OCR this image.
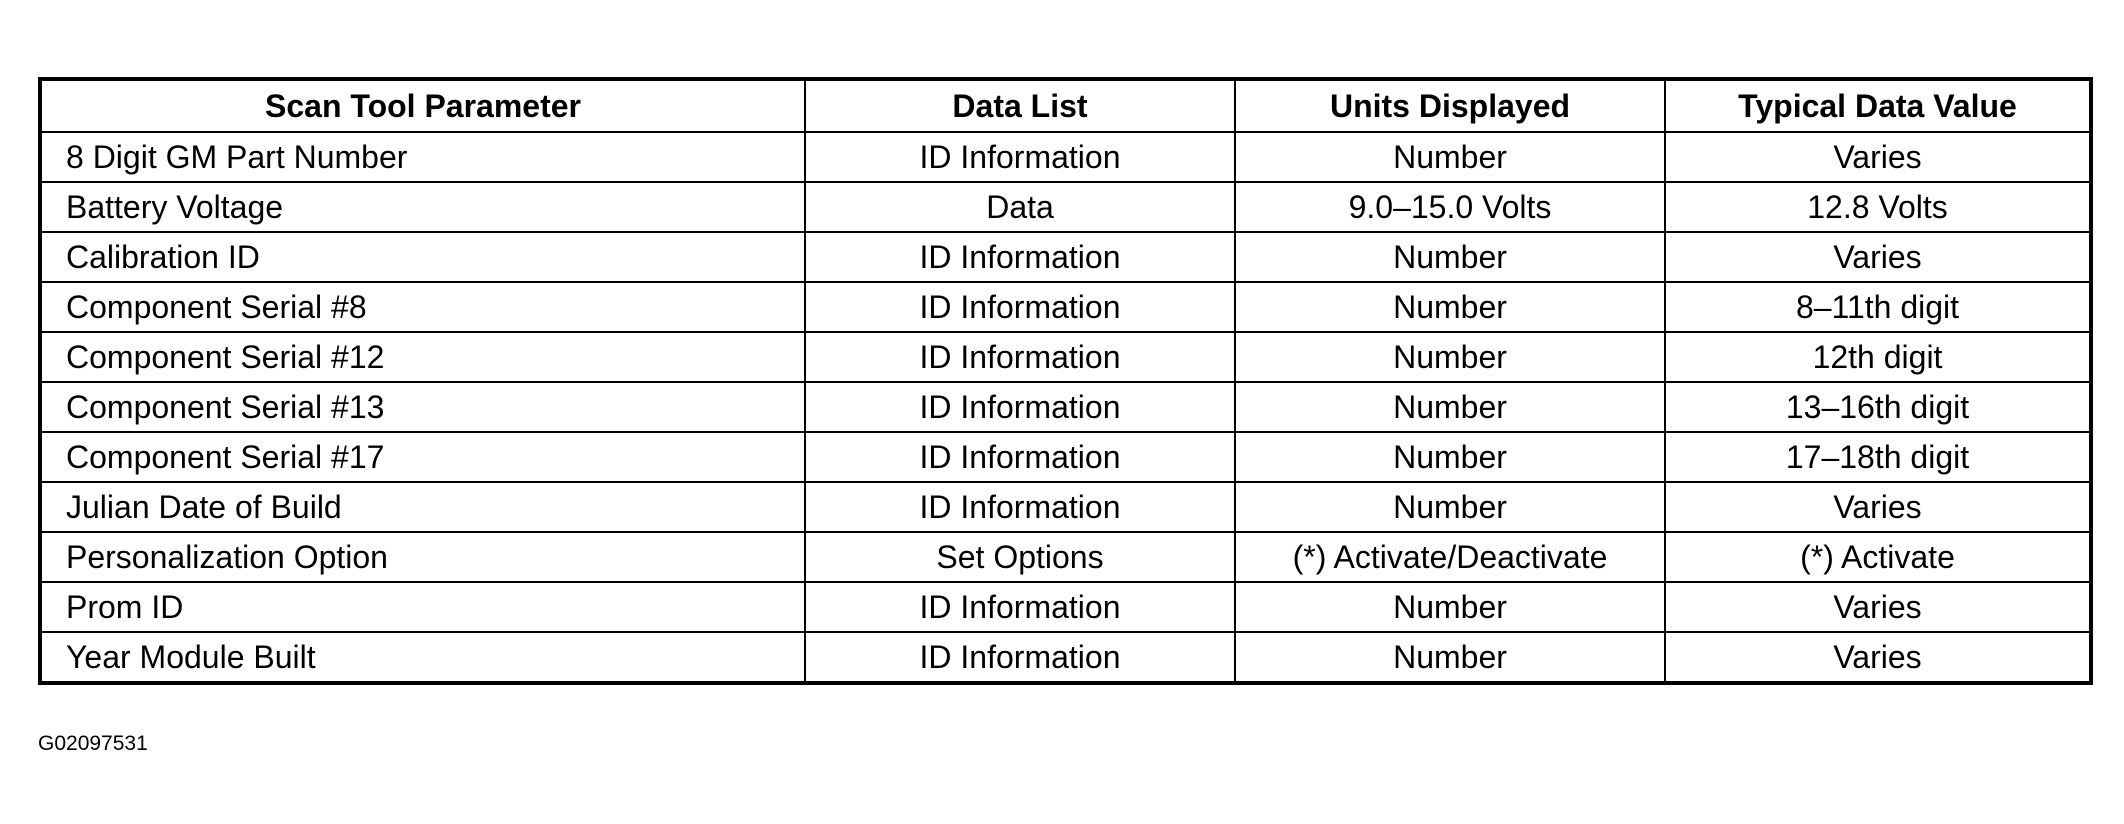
Scan Tool Parameter	Data List	Units Displayed	Typical Data Value
8 Digit GM Part Number	ID Information	Number	Varies
Battery Voltage	Data	9.0–15.0 Volts	12.8 Volts
Calibration ID	ID Information	Number	Varies
Component Serial #8	ID Information	Number	8–11th digit
Component Serial #12	ID Information	Number	12th digit
Component Serial #13	ID Information	Number	13–16th digit
Component Serial #17	ID Information	Number	17–18th digit
Julian Date of Build	ID Information	Number	Varies
Personalization Option	Set Options	(*) Activate/Deactivate	(*) Activate
Prom ID	ID Information	Number	Varies
Year Module Built	ID Information	Number	Varies
G02097531
